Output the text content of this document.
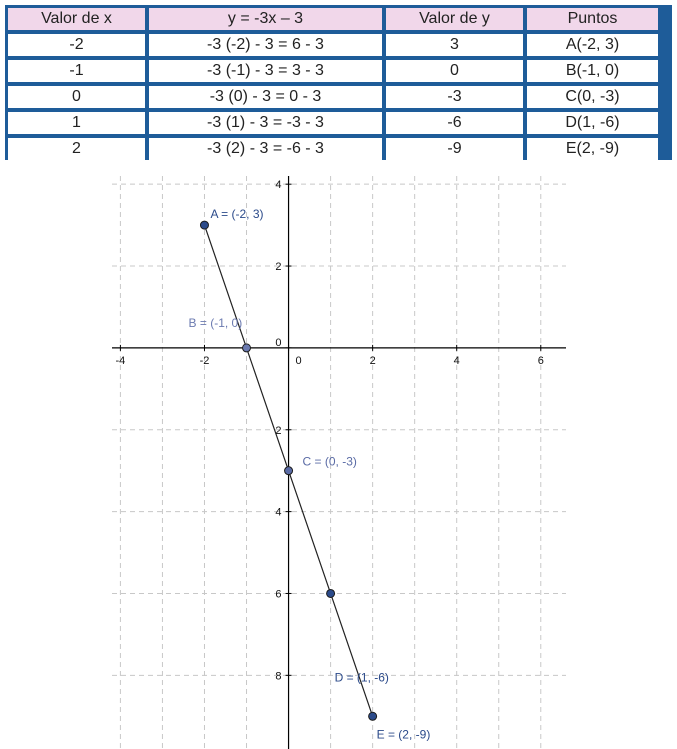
Valor de x	y = -3x – 3	Valor de y	Puntos
-2	-3 (-2) - 3 = 6 - 3	3	A(-2, 3)
-1	-3 (-1) - 3 = 3 - 3	0	B(-1, 0)
0	-3 (0) - 3 = 0 - 3	-3	C(0, -3)
1	-3 (1) - 3 = -3 - 3	-6	D(1, -6)
2	-3 (2) - 3 = -6 - 3	-9	E(2, -9)
-4	-2	0	2	4	6
4
2
0
2
4
6
8
A = (-2, 3)
B = (-1, 0)
C = (0, -3)
D = (1, -6)
E = (2, -9)
